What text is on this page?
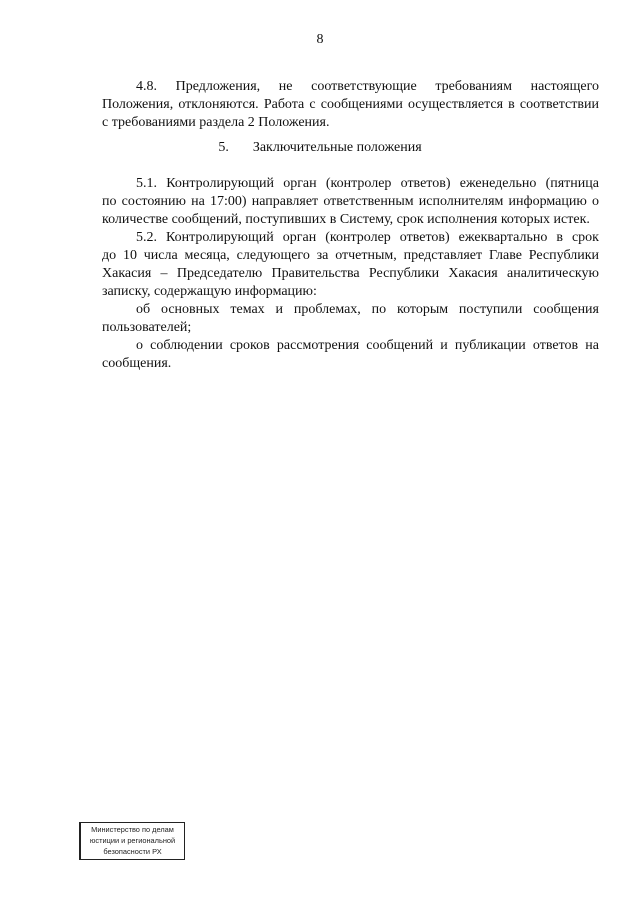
8
4.8. Предложения, не соответствующие требованиям настоящего
Положения, отклоняются. Работа с сообщениями осуществляется в соответствии
с требованиями раздела 2 Положения.
5. Заключительные положения
5.1. Контролирующий орган (контролер ответов) еженедельно (пятница
по состоянию на 17:00) направляет ответственным исполнителям информацию о
количестве сообщений, поступивших в Систему, срок исполнения которых истек.
5.2. Контролирующий орган (контролер ответов) ежеквартально в срок
до 10 числа месяца, следующего за отчетным, представляет Главе Республики
Хакасия – Председателю Правительства Республики Хакасия аналитическую
записку, содержащую информацию:
об основных темах и проблемах, по которым поступили сообщения
пользователей;
о соблюдении сроков рассмотрения сообщений и публикации ответов на
сообщения.
Министерство по делам
юстиции и региональной
безопасности РХ
